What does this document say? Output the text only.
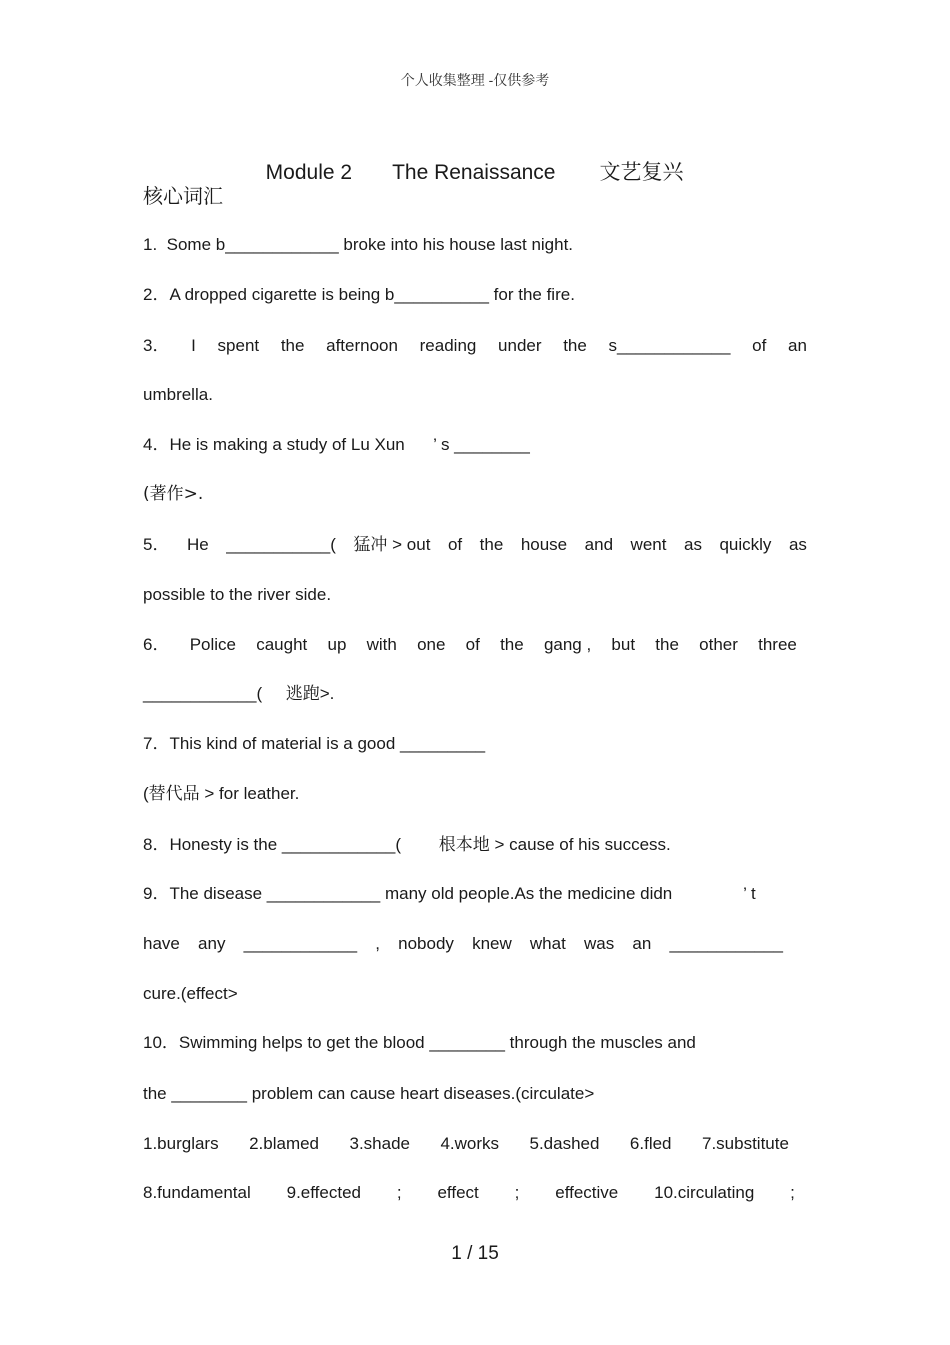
个人收集整理 -仅供参考

Module 2 The Renaissance 文艺复兴

核心词汇
1.  Some b____________ broke into his house last night.
2．A dropped cigarette is being b__________ for the fire.
3． I spent the afternoon reading under the s____________ of an
umbrella.
4．He is making a study of Lu Xun      ’ s ________
(著作>.
5． He ___________( 猛冲 > out of the house and went as quickly as
possible to the river side.
6． Police caught up with one of the gang , but the other three
____________(     逃跑>.
7．This kind of material is a good _________
(替代品 > for leather.
8．Honesty is the ____________(        根本地 > cause of his success.
9．The disease ____________ many old people.As the medicine didn               ’ t
have any ____________ , nobody knew what was an ____________
cure.(effect>
10．Swimming helps to get the blood ________ through the muscles and
the ________ problem can cause heart diseases.(circulate>
1.burglars 2.blamed 3.shade 4.works 5.dashed 6.fled 7.substitute
8.fundamental 9.effected ; effect ; effective 10.circulating ;
1 / 15
